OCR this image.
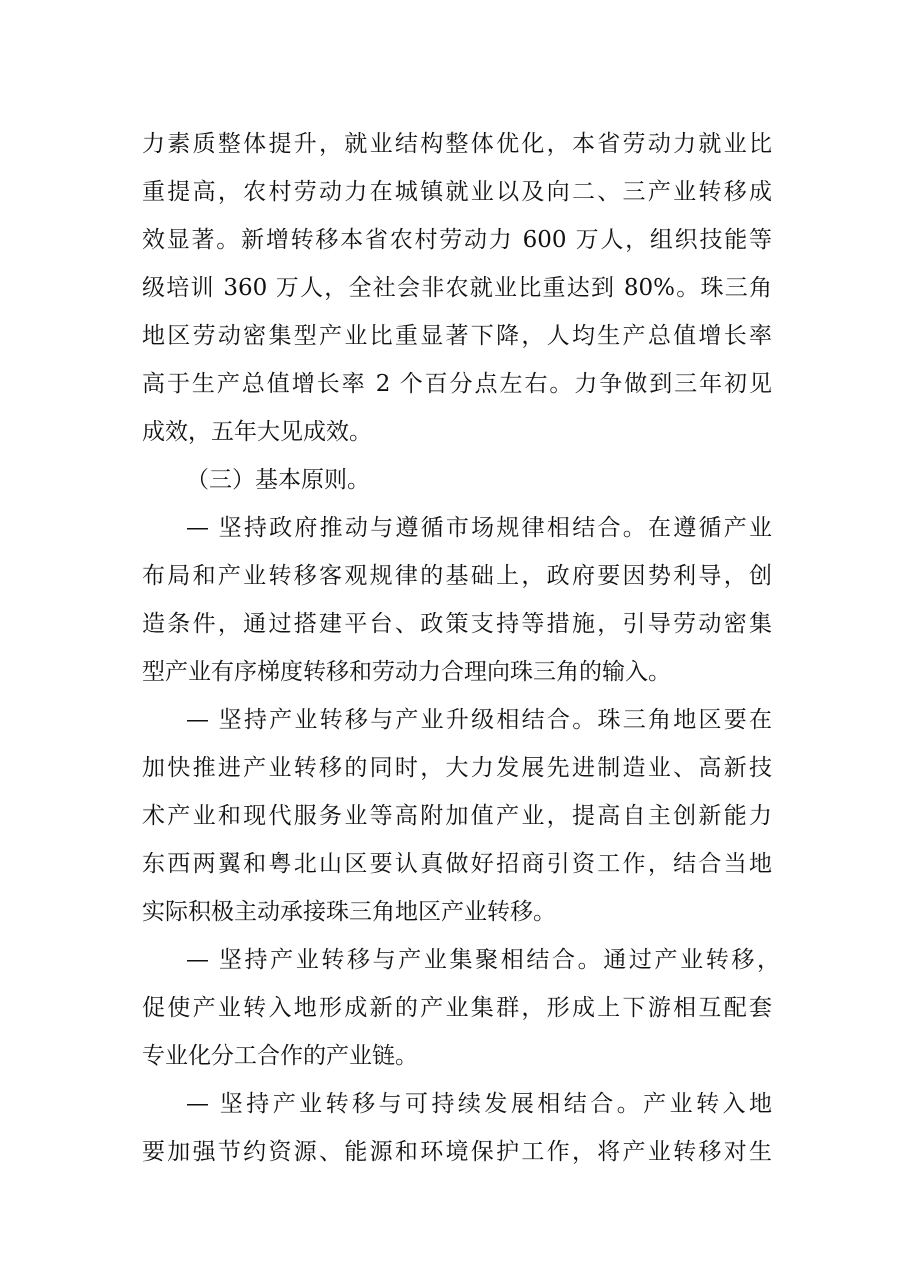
力素质整体提升，就业结构整体优化，本省劳动力就业比
重提高，农村劳动力在城镇就业以及向二、三产业转移成
效显著。新增转移本省农村劳动力 600 万人，组织技能等
级培训 360 万人，全社会非农就业比重达到 80%。珠三角
地区劳动密集型产业比重显著下降，人均生产总值增长率
高于生产总值增长率 2 个百分点左右。力争做到三年初见
成效，五年大见成效。
（三）基本原则。
— 坚持政府推动与遵循市场规律相结合。在遵循产业
布局和产业转移客观规律的基础上，政府要因势利导，创
造条件，通过搭建平台、政策支持等措施，引导劳动密集
型产业有序梯度转移和劳动力合理向珠三角的输入。
— 坚持产业转移与产业升级相结合。珠三角地区要在
加快推进产业转移的同时，大力发展先进制造业、高新技
术产业和现代服务业等高附加值产业，提高自主创新能力
东西两翼和粤北山区要认真做好招商引资工作，结合当地
实际积极主动承接珠三角地区产业转移。
— 坚持产业转移与产业集聚相结合。通过产业转移，
促使产业转入地形成新的产业集群，形成上下游相互配套
专业化分工合作的产业链。
— 坚持产业转移与可持续发展相结合。产业转入地
要加强节约资源、能源和环境保护工作，将产业转移对生
